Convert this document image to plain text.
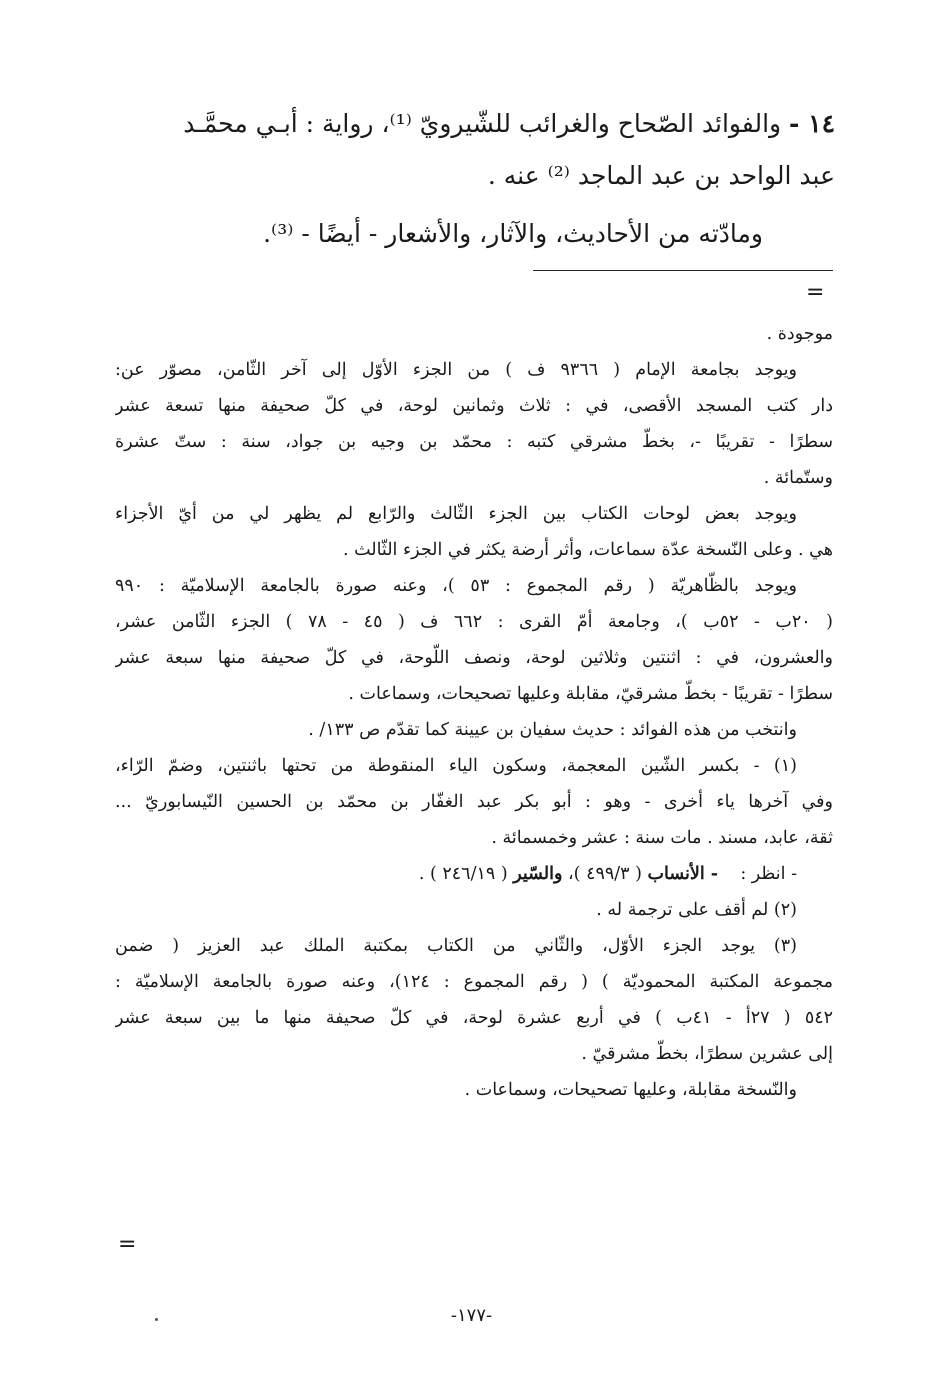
١٤ - والفوائد الصّحاح والغرائب للشّيرويّ ⁽¹⁾، رواية : أبـي محمَّـد
عبد الواحد بن عبد الماجد ⁽²⁾ عنه .
ومادّته من الأحاديث، والآثار، والأشعار - أيضًا - ⁽³⁾.
=

موجودة .

ويوجد بجامعة الإمام ( ٩٣٦٦ ف ) من الجزء الأوّل إلى آخر الثّامن، مصوّر عن:

دار كتب المسجد الأقصى، في : ثلاث وثمانين لوحة، في كلّ صحيفة منها تسعة عشر

سطرًا - تقريبًا -، بخطّ مشرقي كتبه : محمّد بن وجيه بن جواد، سنة : ستّ عشرة

وستّمائة .

ويوجد بعض لوحات الكتاب بين الجزء الثّالث والرّابع لم يظهر لي من أيّ الأجزاء

هي . وعلى النّسخة عدّة سماعات، وأثر أرضة يكثر في الجزء الثّالث .

ويوجد بالظّاهريّة ( رقم المجموع : ٥٣ )، وعنه صورة بالجامعة الإسلاميّة : ٩٩٠

( ٢٠ب - ٥٢ب )، وجامعة أمّ القرى : ٦٦٢ ف ( ٤٥ - ٧٨ ) الجزء الثّامن عشر،

والعشرون، في : اثنتين وثلاثين لوحة، ونصف اللّوحة، في كلّ صحيفة منها سبعة عشر

سطرًا - تقريبًا - بخطّ مشرقيّ، مقابلة وعليها تصحيحات، وسماعات .

وانتخب من هذه الفوائد : حديث سفيان بن عيينة كما تقدّم ص ١٣٣/ .

(١) - بكسر الشّين المعجمة، وسكون الياء المنقوطة من تحتها باثنتين، وضمّ الرّاء،

وفي آخرها ياء أخرى - وهو : أبو بكر عبد الغفّار بن محمّد بن الحسين النّيسابوريّ ...

ثقة، عابد، مسند . مات سنة : عشر وخمسمائة .

- انظر :    - الأنساب ( ٤٩٩/٣ )، والسّير ( ٢٤٦/١٩ ) .

(٢) لم أقف على ترجمة له .

(٣) يوجد الجزء الأوّل، والثّاني من الكتاب بمكتبة الملك عبد العزيز ( ضمن

مجموعة المكتبة المحموديّة ) ( رقم المجموع : ١٢٤)، وعنه صورة بالجامعة الإسلاميّة :

٥٤٢ ( ٢٧أ - ٤١ب ) في أربع عشرة لوحة، في كلّ صحيفة منها ما بين سبعة عشر

إلى عشرين سطرًا، بخطّ مشرقيّ .

والنّسخة مقابلة، وعليها تصحيحات، وسماعات .

=
-١٧٧-
